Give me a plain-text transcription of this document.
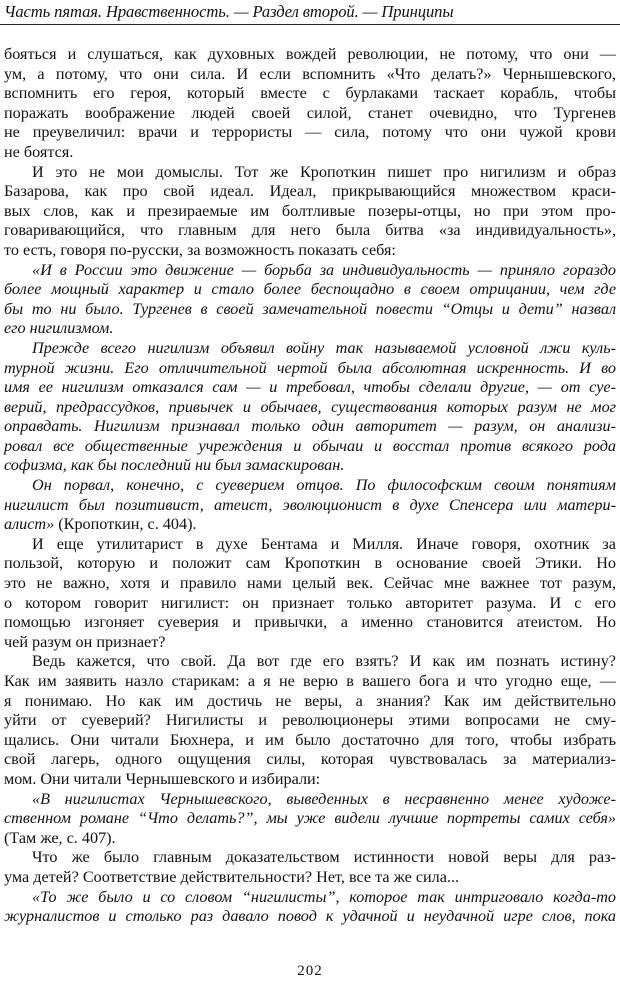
Часть пятая. Нравственность. — Раздел второй. — Принципы
бояться и слушаться, как духовных вождей революции, не потому, что они —
ум, а потому, что они сила. И если вспомнить «Что делать?» Чернышевского,
вспомнить его героя, который вместе с бурлаками таскает корабль, чтобы
поражать воображение людей своей силой, станет очевидно, что Тургенев
не преувеличил: врачи и террористы — сила, потому что они чужой крови
не боятся.
И это не мои домыслы. Тот же Кропоткин пишет про нигилизм и образ
Базарова, как про свой идеал. Идеал, прикрывающийся множеством краси-
вых слов, как и презираемые им болтливые позеры-отцы, но при этом про-
говаривающийся, что главным для него была битва «за индивидуальность»,
то есть, говоря по-русски, за возможность показать себя:
«И в России это движение — борьба за индивидуальность — приняло гораздо
более мощный характер и стало более беспощадно в своем отрицании, чем где
бы то ни было. Тургенев в своей замечательной повести “Отцы и дети” назвал
его нигилизмом.
Прежде всего нигилизм объявил войну так называемой условной лжи куль-
турной жизни. Его отличительной чертой была абсолютная искренность. И во
имя ее нигилизм отказался сам — и требовал, чтобы сделали другие, — от суе-
верий, предрассудков, привычек и обычаев, существования которых разум не мог
оправдать. Нигилизм признавал только один авторитет — разум, он анализи-
ровал все общественные учреждения и обычаи и восстал против всякого рода
софизма, как бы последний ни был замаскирован.
Он порвал, конечно, с суеверием отцов. По философским своим понятиям
нигилист был позитивист, атеист, эволюционист в духе Спенсера или матери-
алист» (Кропоткин, с. 404).
И еще утилитарист в духе Бентама и Милля. Иначе говоря, охотник за
пользой, которую и положит сам Кропоткин в основание своей Этики. Но
это не важно, хотя и правило нами целый век. Сейчас мне важнее тот разум,
о котором говорит нигилист: он признает только авторитет разума. И с его
помощью изгоняет суеверия и привычки, а именно становится атеистом. Но
чей разум он признает?
Ведь кажется, что свой. Да вот где его взять? И как им познать истину?
Как им заявить назло старикам: а я не верю в вашего бога и что угодно еще, —
я понимаю. Но как им достичь не веры, а знания? Как им действительно
уйти от суеверий? Нигилисты и революционеры этими вопросами не сму-
щались. Они читали Бюхнера, и им было достаточно для того, чтобы избрать
свой лагерь, одного ощущения силы, которая чувствовалась за материализ-
мом. Они читали Чернышевского и избирали:
«В нигилистах Чернышевского, выведенных в несравненно менее художе-
ственном романе “Что делать?”, мы уже видели лучшие портреты самих себя»
(Там же, с. 407).
Что же было главным доказательством истинности новой веры для раз-
ума детей? Соответствие действительности? Нет, все та же сила...
«То же было и со словом “нигилисты”, которое так интриговало когда-то
журналистов и столько раз давало повод к удачной и неудачной игре слов, пока
202
